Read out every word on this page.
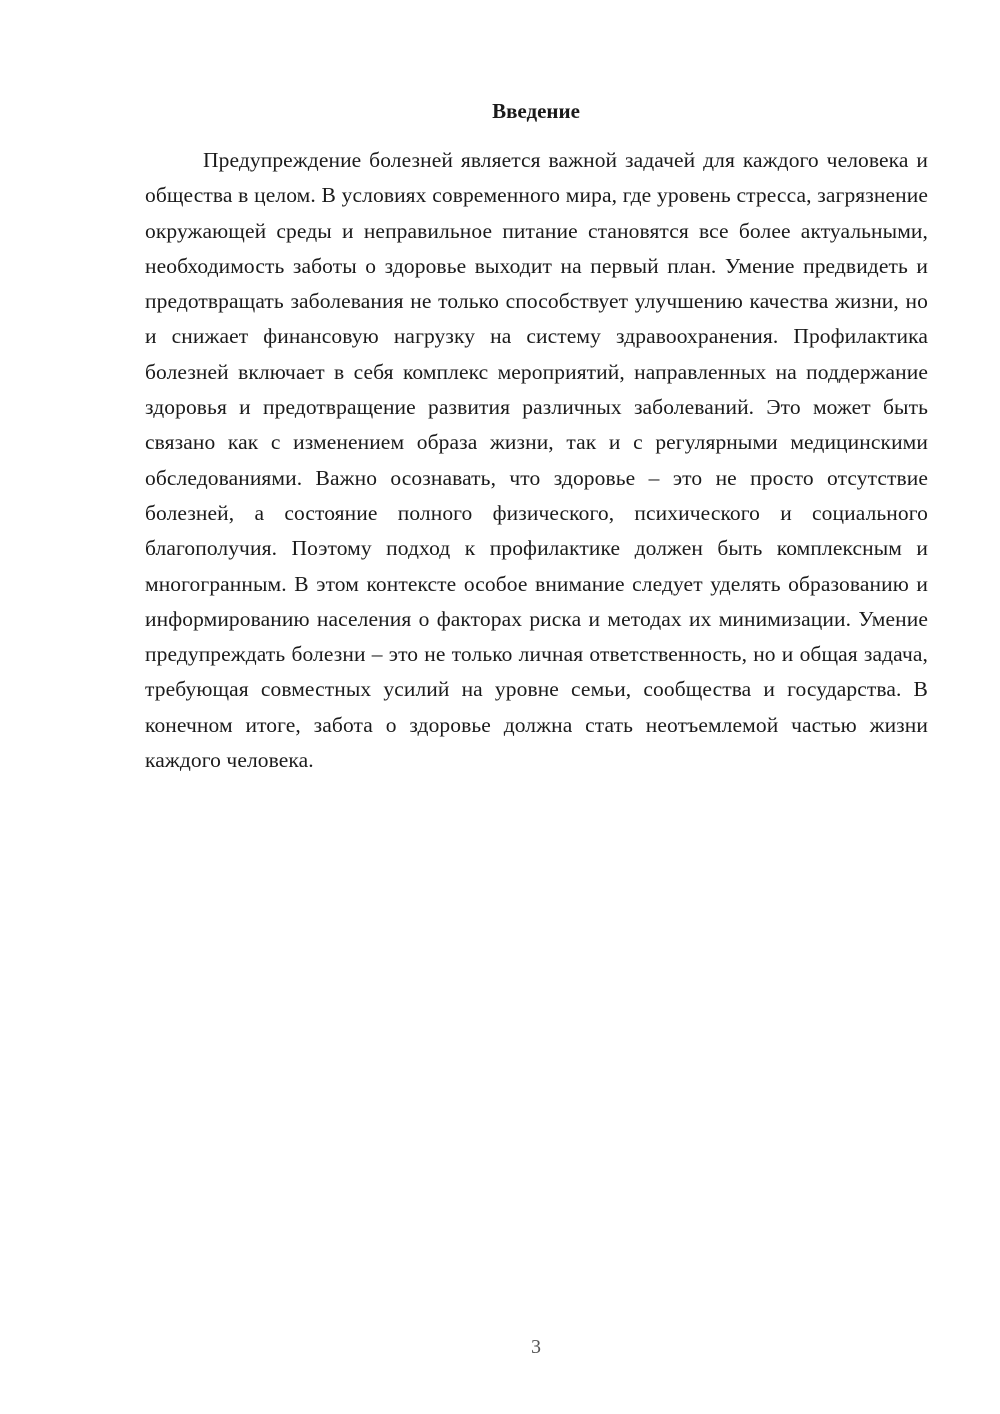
Введение

Предупреждение болезней является важной задачей для каждого человека и общества в целом. В условиях современного мира, где уровень стресса, загрязнение окружающей среды и неправильное питание становятся все более актуальными, необходимость заботы о здоровье выходит на первый план. Умение предвидеть и предотвращать заболевания не только способствует улучшению качества жизни, но и снижает финансовую нагрузку на систему здравоохранения. Профилактика болезней включает в себя комплекс мероприятий, направленных на поддержание здоровья и предотвращение развития различных заболеваний. Это может быть связано как с изменением образа жизни, так и с регулярными медицинскими обследованиями. Важно осознавать, что здоровье – это не просто отсутствие болезней, а состояние полного физического, психического и социального благополучия. Поэтому подход к профилактике должен быть комплексным и многогранным. В этом контексте особое внимание следует уделять образованию и информированию населения о факторах риска и методах их минимизации. Умение предупреждать болезни – это не только личная ответственность, но и общая задача, требующая совместных усилий на уровне семьи, сообщества и государства. В конечном итоге, забота о здоровье должна стать неотъемлемой частью жизни каждого человека.

3
